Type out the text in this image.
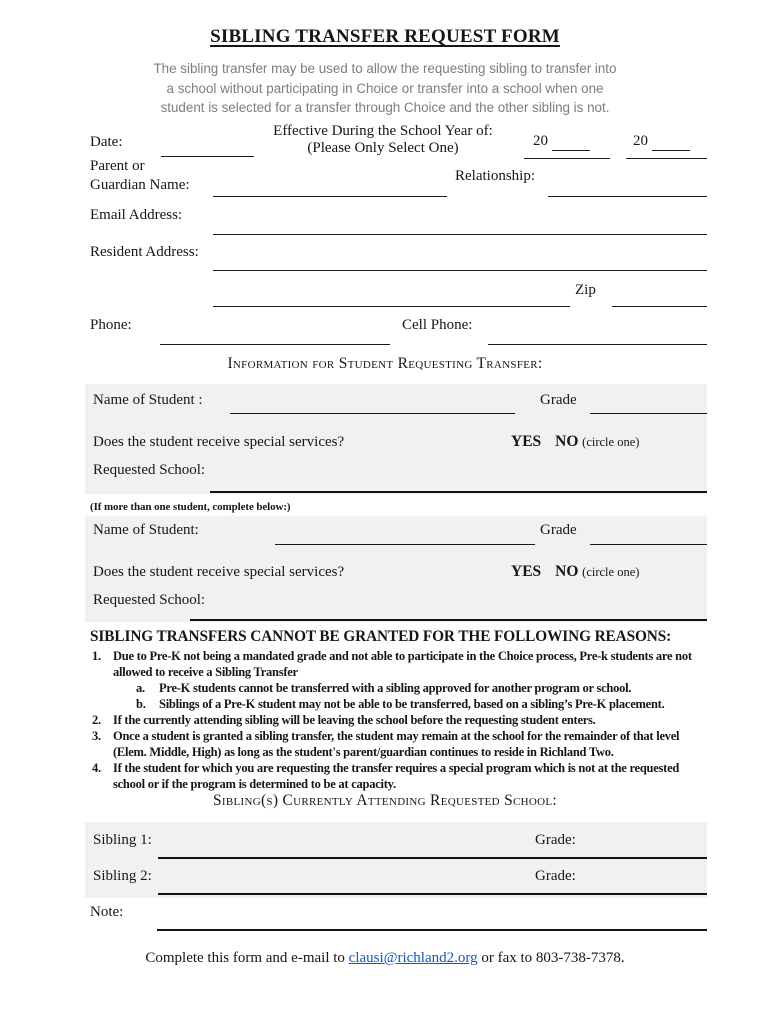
SIBLING TRANSFER REQUEST FORM
The sibling transfer may be used to allow the requesting sibling to transfer into
a school without participating in Choice or transfer into a school when one
student is selected for a transfer through Choice and the other sibling is not.
Date:
Effective During the School Year of:
(Please Only Select One)	20	20
Parent or
Guardian Name:
Relationship:
Email Address:
Resident Address:
Zip
Phone:	Cell Phone:
Information for Student Requesting Transfer:
Name of Student :	Grade
Does the student receive special services?	YES NO (circle one)
Requested School:
(If more than one student, complete below:)
Name of Student:	Grade
Does the student receive special services?	YES NO (circle one)
Requested School:
SIBLING TRANSFERS CANNOT BE GRANTED FOR THE FOLLOWING REASONS:
1. Due to Pre-K not being a mandated grade and not able to participate in the Choice process, Pre-k students are not allowed to receive a Sibling Transfer
a.	Pre-K students cannot be transferred with a sibling approved for another program or school.
b.	Siblings of a Pre-K student may not be able to be transferred, based on a sibling’s Pre-K placement.
2. If the currently attending sibling will be leaving the school before the requesting student enters.
3. Once a student is granted a sibling transfer, the student may remain at the school for the remainder of that level (Elem. Middle, High) as long as the student's parent/guardian continues to reside in Richland Two.
4. If the student for which you are requesting the transfer requires a special program which is not at the requested school or if the program is determined to be at capacity.
Sibling(s) Currently Attending Requested School:
Sibling 1:	Grade:
Sibling 2:	Grade:
Note:
Complete this form and e-mail to clausi@richland2.org or fax to 803-738-7378.
